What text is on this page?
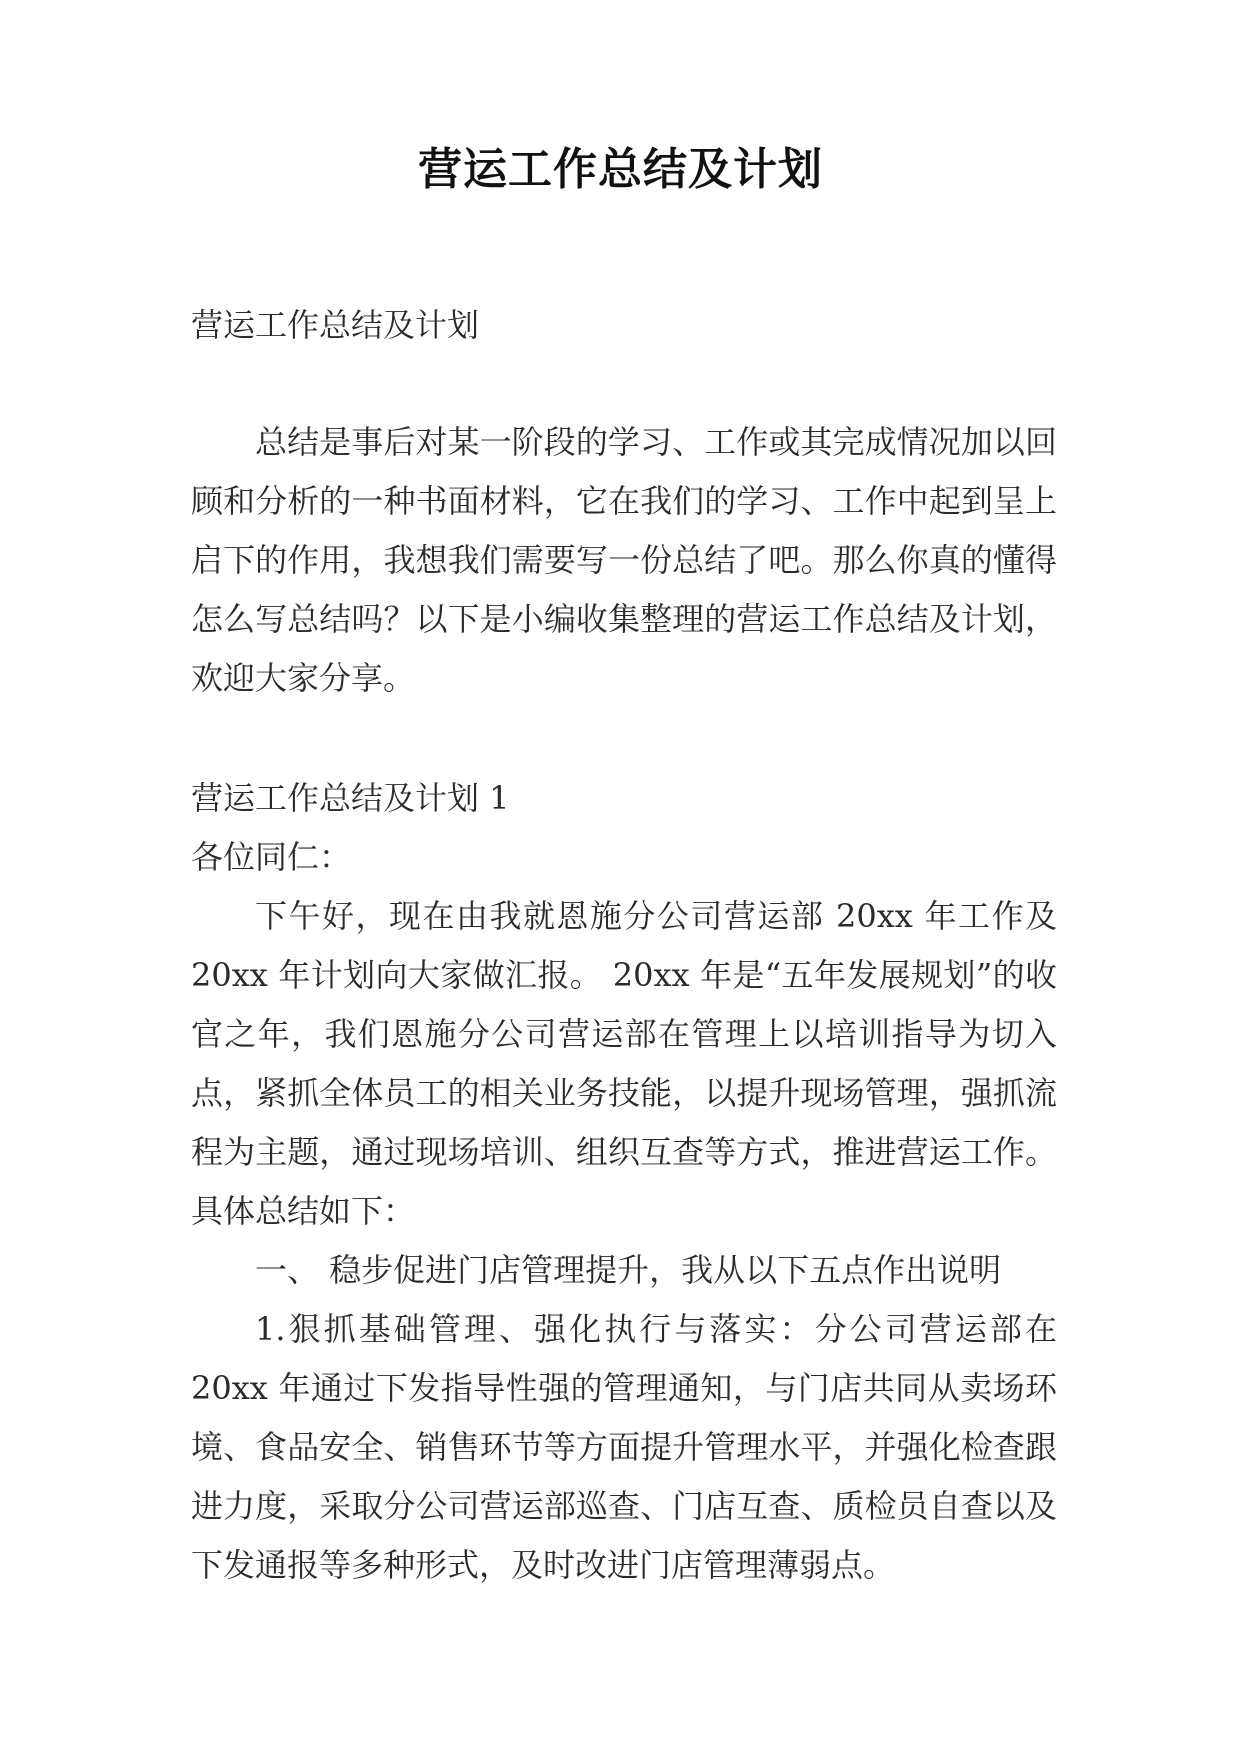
营运工作总结及计划

营运工作总结及计划

总结是事后对某一阶段的学习、工作或其完成情况加以回顾和分析的一种书面材料，它在我们的学习、工作中起到呈上启下的作用，我想我们需要写一份总结了吧。那么你真的懂得怎么写总结吗？以下是小编收集整理的营运工作总结及计划，欢迎大家分享。

营运工作总结及计划 1

各位同仁：

下午好，现在由我就恩施分公司营运部 20xx 年工作及 20xx 年计划向大家做汇报。 20xx 年是“五年发展规划”的收官之年，我们恩施分公司营运部在管理上以培训指导为切入点，紧抓全体员工的相关业务技能，以提升现场管理，强抓流程为主题，通过现场培训、组织互查等方式，推进营运工作。具体总结如下：

一、 稳步促进门店管理提升，我从以下五点作出说明

1.狠抓基础管理、强化执行与落实：分公司营运部在 20xx 年通过下发指导性强的管理通知，与门店共同从卖场环境、食品安全、销售环节等方面提升管理水平，并强化检查跟进力度，采取分公司营运部巡查、门店互查、质检员自查以及下发通报等多种形式，及时改进门店管理薄弱点。
